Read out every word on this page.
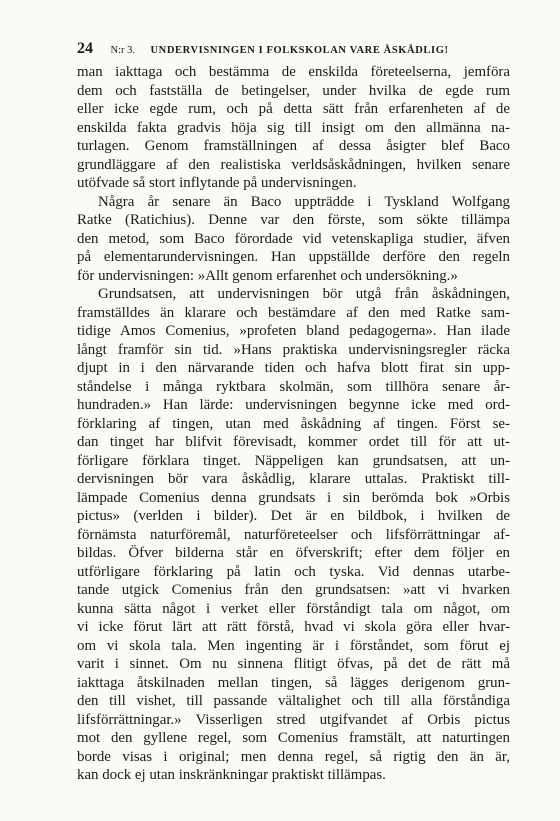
24 N:r 3. UNDERVISNINGEN I FOLKSKOLAN VARE ÅSKÅDLIG!
man iakttaga och bestämma de enskilda företeelserna, jemföra
dem och fastställa de betingelser, under hvilka de egde rum
eller icke egde rum, och på detta sätt från erfarenheten af de
enskilda fakta gradvis höja sig till insigt om den allmänna na-
turlagen. Genom framställningen af dessa åsigter blef Baco
grundläggare af den realistiska verldsåskådningen, hvilken senare
utöfvade så stort inflytande på undervisningen.
Några år senare än Baco uppträdde i Tyskland Wolfgang
Ratke (Ratichius). Denne var den förste, som sökte tillämpa
den metod, som Baco förordade vid vetenskapliga studier, äfven
på elementarundervisningen. Han uppställde derföre den regeln
för undervisningen: »Allt genom erfarenhet och undersökning.»
Grundsatsen, att undervisningen bör utgå från åskådningen,
framställdes än klarare och bestämdare af den med Ratke sam-
tidige Amos Comenius, »profeten bland pedagogerna». Han ilade
långt framför sin tid. »Hans praktiska undervisningsregler räcka
djupt in i den närvarande tiden och hafva blott firat sin upp-
ståndelse i många ryktbara skolmän, som tillhöra senare år-
hundraden.» Han lärde: undervisningen begynne icke med ord-
förklaring af tingen, utan med åskådning af tingen. Först se-
dan tinget har blifvit förevisadt, kommer ordet till för att ut-
förligare förklara tinget. Näppeligen kan grundsatsen, att un-
dervisningen bör vara åskådlig, klarare uttalas. Praktiskt till-
lämpade Comenius denna grundsats i sin berömda bok »Orbis
pictus» (verlden i bilder). Det är en bildbok, i hvilken de
förnämsta naturföremål, naturföreteelser och lifsförrättningar af-
bildas. Öfver bilderna står en öfverskrift; efter dem följer en
utförligare förklaring på latin och tyska. Vid dennas utarbe-
tande utgick Comenius från den grundsatsen: »att vi hvarken
kunna sätta något i verket eller förståndigt tala om något, om
vi icke förut lärt att rätt förstå, hvad vi skola göra eller hvar-
om vi skola tala. Men ingenting är i förståndet, som förut ej
varit i sinnet. Om nu sinnena flitigt öfvas, på det de rätt må
iakttaga åtskilnaden mellan tingen, så lägges derigenom grun-
den till vishet, till passande vältalighet och till alla förståndiga
lifsförrättningar.» Visserligen stred utgifvandet af Orbis pictus
mot den gyllene regel, som Comenius framstält, att naturtingen
borde visas i original; men denna regel, så rigtig den än är,
kan dock ej utan inskränkningar praktiskt tillämpas.
